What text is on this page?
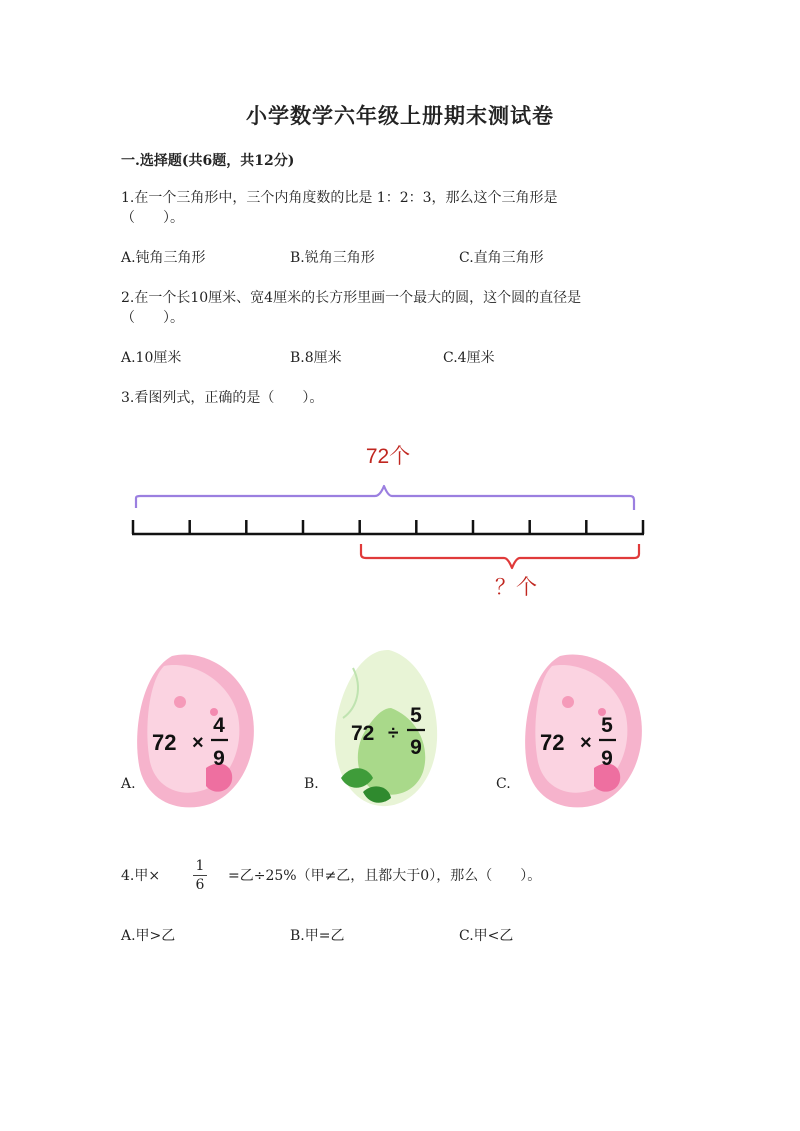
小学数学六年级上册期末测试卷
一.选择题(共6题，共12分)
1.在一个三角形中，三个内角度数的比是 1：2：3，那么这个三角形是
（　　）。
A.钝角三角形	B.锐角三角形	C.直角三角形
2.在一个长10厘米、宽4厘米的长方形里画一个最大的圆，这个圆的直径是
（　　）。
A.10厘米	B.8厘米	C.4厘米
3.看图列式，正确的是（　　）。
72个
？个
A.
72 ×
4
9
B.
72 ÷
5
9
C.
72 ×
5
9
4.甲×
1
6
=乙÷25%（甲≠乙，且都大于0），那么（　　）。
A.甲>乙	B.甲=乙	C.甲<乙
